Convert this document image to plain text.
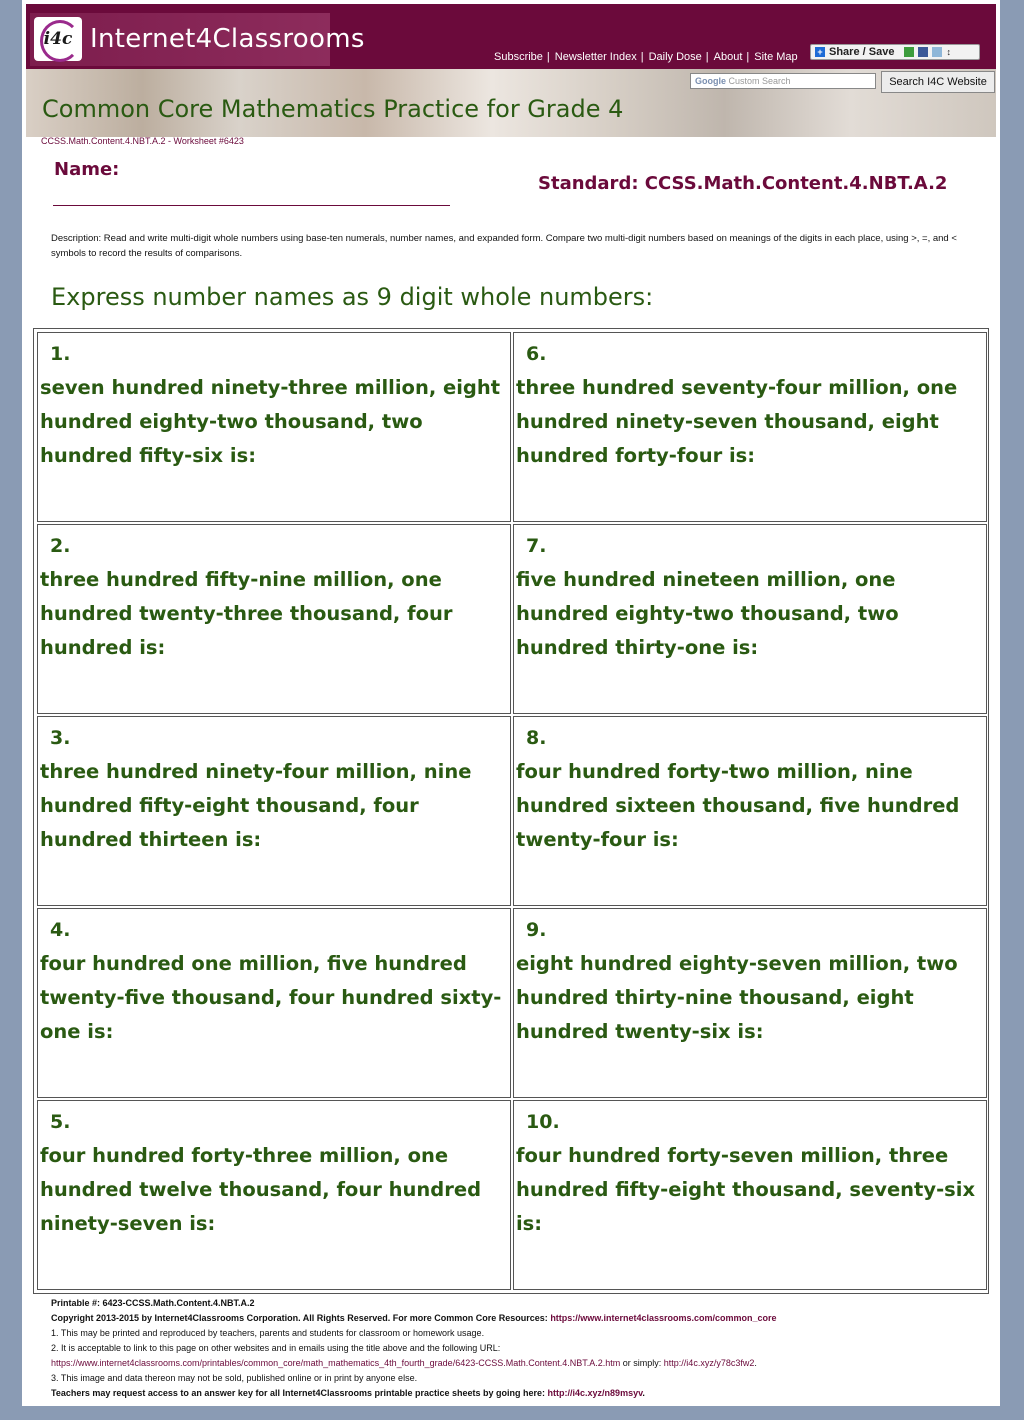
i4c Internet4Classrooms
Subscribe | Newsletter Index | Daily Dose | About | Site Map + Share / Save	↕
Google Custom Search	Search I4C Website
Common Core Mathematics Practice for Grade 4
CCSS.Math.Content.4.NBT.A.2 - Worksheet #6423
Name:
Standard: CCSS.Math.Content.4.NBT.A.2
Description: Read and write multi-digit whole numbers using base-ten numerals, number names, and expanded form. Compare two multi-digit numbers based on meanings of the digits in each place, using >, =, and < symbols to record the results of comparisons.
Express number names as 9 digit whole numbers:
1.
seven hundred ninety-three million, eight hundred eighty-two thousand, two hundred fifty-six is:
6.
three hundred seventy-four million, one hundred ninety-seven thousand, eight hundred forty-four is:
2.
three hundred fifty-nine million, one hundred twenty-three thousand, four hundred is:
7.
five hundred nineteen million, one hundred eighty-two thousand, two hundred thirty-one is:
3.
three hundred ninety-four million, nine hundred fifty-eight thousand, four hundred thirteen is:
8.
four hundred forty-two million, nine hundred sixteen thousand, five hundred twenty-four is:
4.
four hundred one million, five hundred twenty-five thousand, four hundred sixty-one is:
9.
eight hundred eighty-seven million, two hundred thirty-nine thousand, eight hundred twenty-six is:
5.
four hundred forty-three million, one hundred twelve thousand, four hundred ninety-seven is:
10.
four hundred forty-seven million, three hundred fifty-eight thousand, seventy-six is:
Printable #: 6423-CCSS.Math.Content.4.NBT.A.2
Copyright 2013-2015 by Internet4Classrooms Corporation. All Rights Reserved. For more Common Core Resources: https://www.internet4classrooms.com/common_core
1. This may be printed and reproduced by teachers, parents and students for classroom or homework usage.
2. It is acceptable to link to this page on other websites and in emails using the title above and the following URL:
https://www.internet4classrooms.com/printables/common_core/math_mathematics_4th_fourth_grade/6423-CCSS.Math.Content.4.NBT.A.2.htm or simply: http://i4c.xyz/y78c3fw2.
3. This image and data thereon may not be sold, published online or in print by anyone else.
Teachers may request access to an answer key for all Internet4Classrooms printable practice sheets by going here: http://i4c.xyz/n89msyv.
